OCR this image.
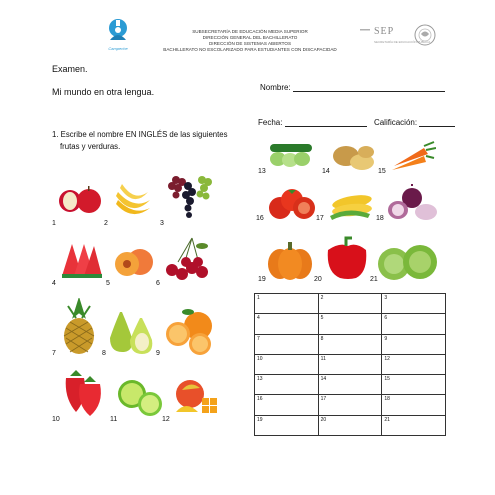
Campeche
SUBSECRETARÍA DE EDUCACIÓN MEDIA SUPERIOR
DIRECCIÓN GENERAL DEL BACHILLERATO
DIRECCIÓN DE SISTEMAS ABIERTOS
BACHILLERATO NO ESCOLARIZADO PARA ESTUDIANTES CON DISCAPACIDAD
SEP
SECRETARÍA DE EDUCACIÓN PÚBLICA
Examen.
Mi mundo en otra lengua.
1. Escribe el nombre EN INGLÉS de las siguientes
frutas y verduras.
Nombre:
Fecha:	Calificación:
1	2	3
4	5	6
7	8	9
10	11	12
13	14	15
16	17	18
19	20	21
1	2	3
4	5	6
7	8	9
10	11	12
13	14	15
16	17	18
19	20	21
